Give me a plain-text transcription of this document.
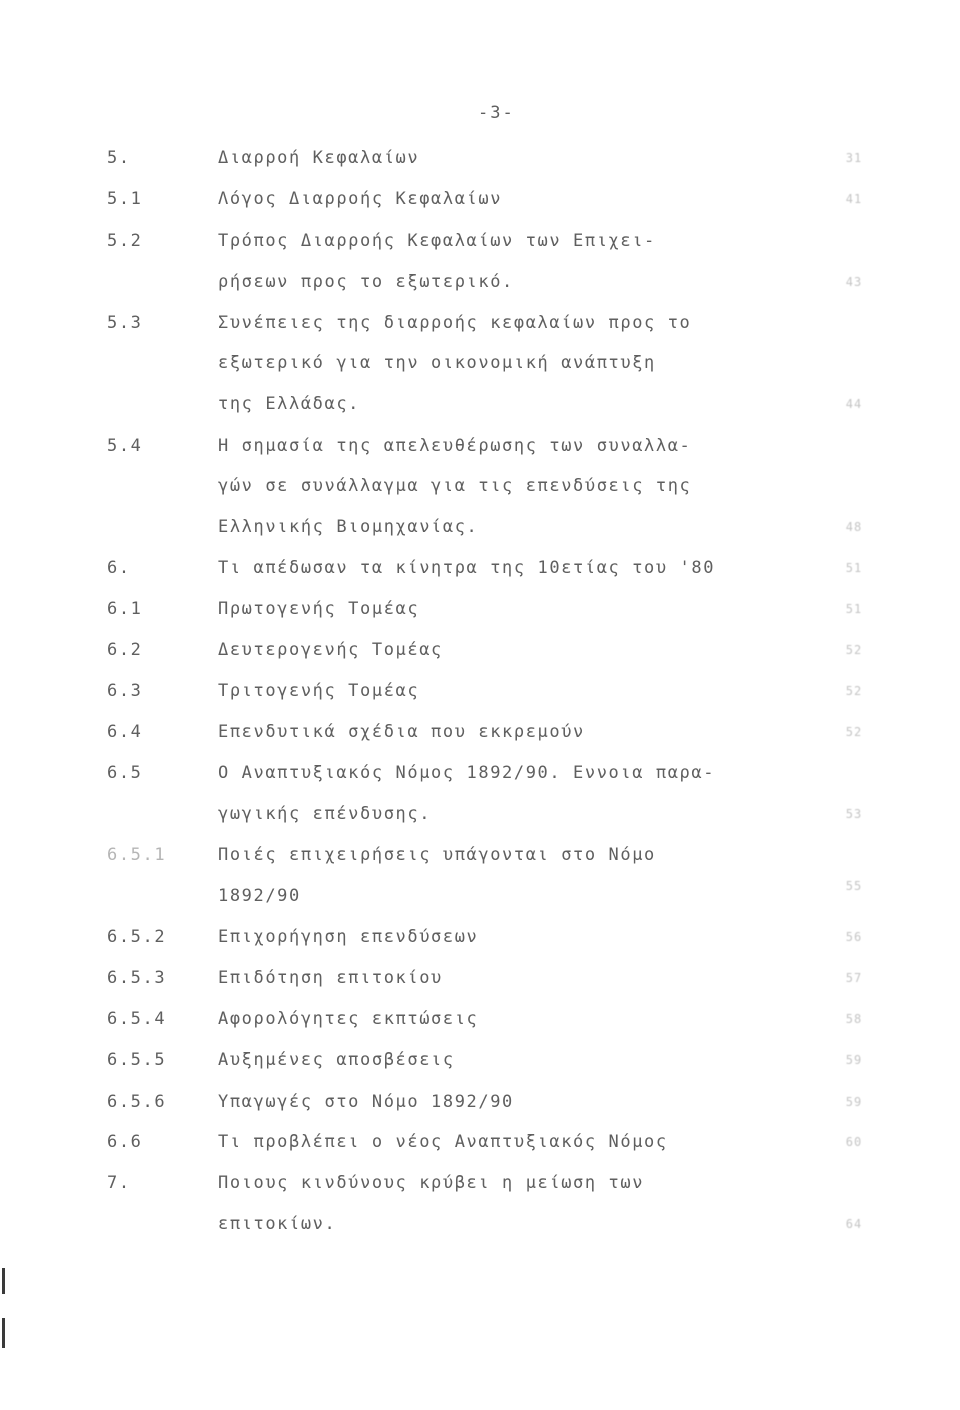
-3-
5.	Διαρροή Κεφαλαίων	31
5.1	Λόγος Διαρροής Κεφαλαίων	41
5.2	Τρόπος Διαρροής Κεφαλαίων των Επιχει-
ρήσεων προς το εξωτερικό.	43
5.3	Συνέπειες της διαρροής κεφαλαίων προς το
εξωτερικό για την οικονομική ανάπτυξη
της Ελλάδας.	44
5.4	Η σημασία της απελευθέρωσης των συναλλα-
γών σε συνάλλαγμα για τις επενδύσεις της
Ελληνικής Βιομηχανίας.	48
6.	Τι απέδωσαν τα κίνητρα της 10ετίας του '80	51
6.1	Πρωτογενής Τομέας	51
6.2	Δευτερογενής Τομέας	52
6.3	Τριτογενής Τομέας	52
6.4	Επενδυτικά σχέδια που εκκρεμούν	52
6.5	Ο Αναπτυξιακός Νόμος 1892/90. Εννοια παρα-
γωγικής επένδυσης.	53
6.5.1	Ποιές επιχειρήσεις υπάγονται στο Νόμο
1892/90	55
6.5.2	Επιχορήγηση επενδύσεων	56
6.5.3	Επιδότηση επιτοκίου	57
6.5.4	Αφορολόγητες εκπτώσεις	58
6.5.5	Αυξημένες αποσβέσεις	59
6.5.6	Υπαγωγές στο Νόμο 1892/90	59
6.6	Τι προβλέπει ο νέος Αναπτυξιακός Νόμος	60
7.	Ποιους κινδύνους κρύβει η μείωση των
επιτοκίων.	64
